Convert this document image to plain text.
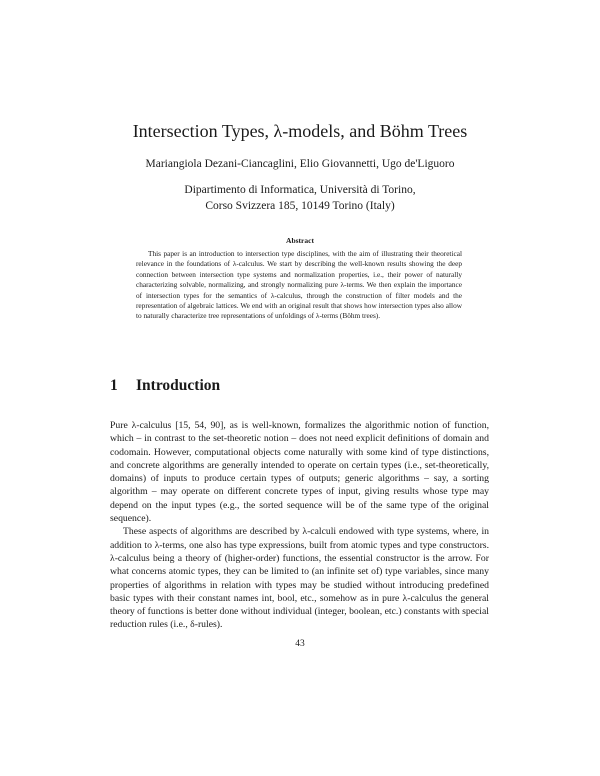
Intersection Types, λ-models, and Böhm Trees
Mariangiola Dezani-Ciancaglini, Elio Giovannetti, Ugo de'Liguoro
Dipartimento di Informatica, Università di Torino,
Corso Svizzera 185, 10149 Torino (Italy)
Abstract

This paper is an introduction to intersection type disciplines, with the aim of illustrating their theoretical relevance in the foundations of λ-calculus. We start by describing the well-known results showing the deep connection between intersection type systems and normalization properties, i.e., their power of naturally characterizing solvable, normalizing, and strongly normalizing pure λ-terms. We then explain the importance of intersection types for the semantics of λ-calculus, through the construction of filter models and the representation of algebraic lattices. We end with an original result that shows how intersection types also allow to naturally characterize tree representations of unfoldings of λ-terms (Böhm trees).

1 Introduction

Pure λ-calculus [15, 54, 90], as is well-known, formalizes the algorithmic notion of function, which – in contrast to the set-theoretic notion – does not need explicit definitions of domain and codomain. However, computational objects come naturally with some kind of type distinctions, and concrete algorithms are generally intended to operate on certain types (i.e., set-theoretically, domains) of inputs to produce certain types of outputs; generic algorithms – say, a sorting algorithm – may operate on different concrete types of input, giving results whose type may depend on the input types (e.g., the sorted sequence will be of the same type of the original sequence).

These aspects of algorithms are described by λ-calculi endowed with type systems, where, in addition to λ-terms, one also has type expressions, built from atomic types and type constructors. λ-calculus being a theory of (higher-order) functions, the essential constructor is the arrow. For what concerns atomic types, they can be limited to (an infinite set of) type variables, since many properties of algorithms in relation with types may be studied without introducing predefined basic types with their constant names int, bool, etc., somehow as in pure λ-calculus the general theory of functions is better done without individual (integer, boolean, etc.) constants with special reduction rules (i.e., δ-rules).

43
